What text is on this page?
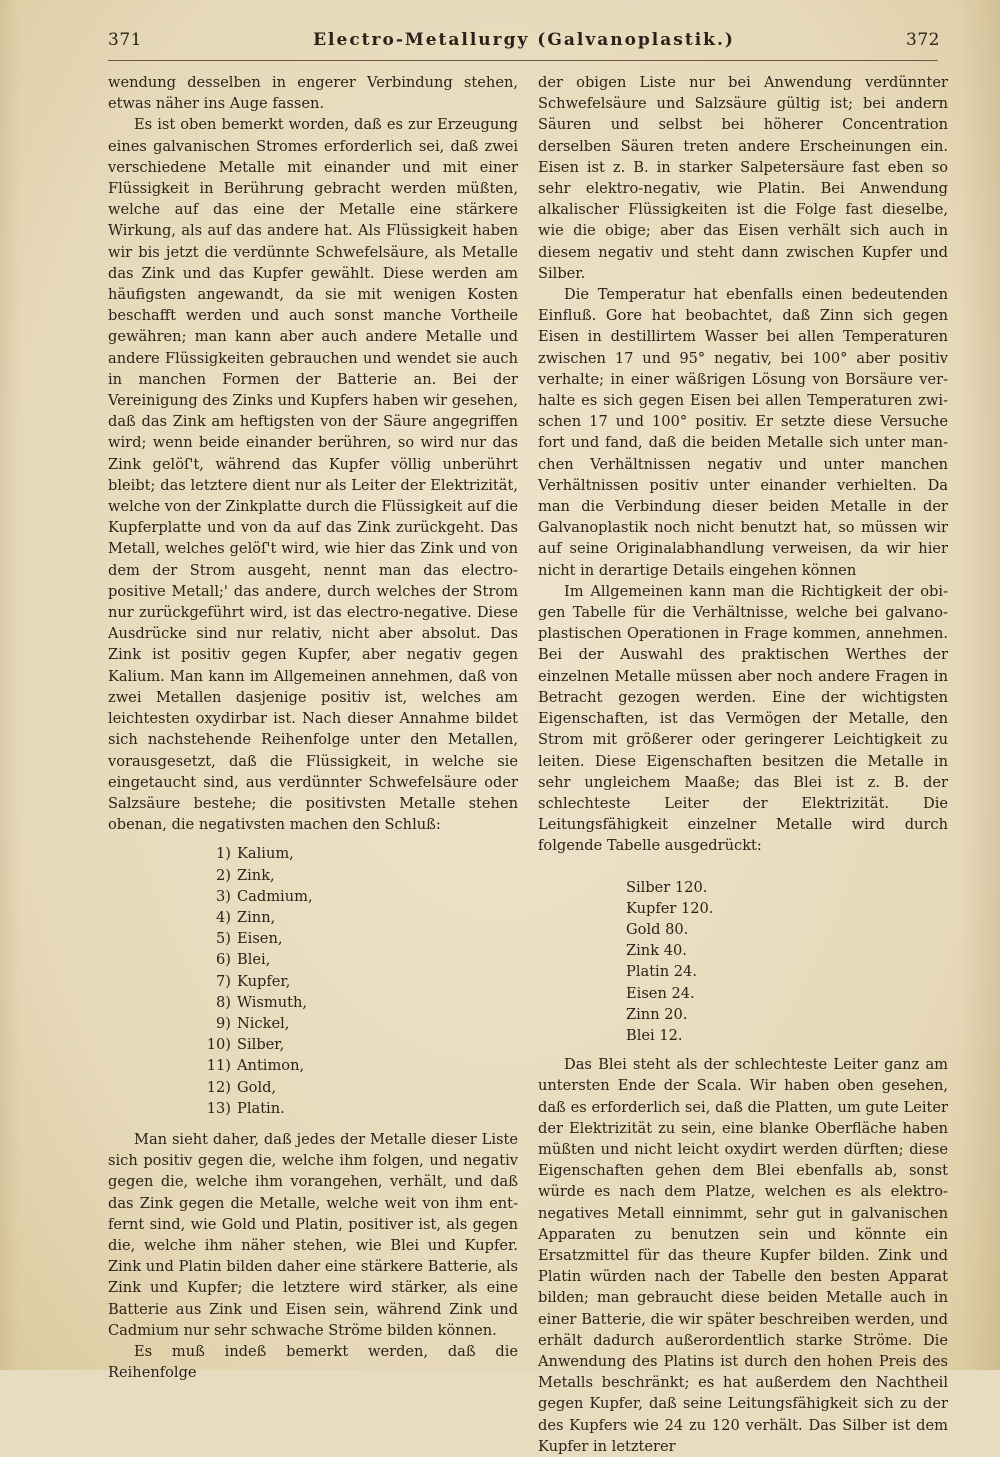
371	Electro-Metallurgy (Galvanoplastik.)	372

wendung desselben in engerer Verbindung stehen, etwas näher ins Auge fassen.

Es ist oben bemerkt worden, daß es zur Erzeugung eines galvanischen Stromes erforderlich sei, daß zwei verschiedene Metalle mit einander und mit einer Flüssigkeit in Berührung gebracht werden müßten, welche auf das eine der Metalle eine stärkere Wirkung, als auf das andere hat. Als Flüssigkeit haben wir bis jetzt die verdünnte Schwefelsäure, als Metalle das Zink und das Kupfer gewählt. Diese werden am häufigsten angewandt, da sie mit wenigen Kosten beschafft werden und auch sonst manche Vortheile gewähren; man kann aber auch andere Metalle und andere Flüssigkeiten gebrauchen und wendet sie auch in manchen Formen der Batterie an. Bei der Vereinigung des Zinks und Kupfers haben wir gesehen, daß das Zink am heftigsten von der Säure angegriffen wird; wenn beide einander berühren, so wird nur das Zink gelöſ't, während das Kupfer völlig unberührt bleibt; das letztere dient nur als Leiter der Elektrizität, welche von der Zinkplatte durch die Flüssigkeit auf die Kupferplatte und von da auf das Zink zurückgeht. Das Metall, welches gelöſ't wird, wie hier das Zink und von dem der Strom ausgeht, nennt man das electro-positive Metall;' das andere, durch welches der Strom nur zurückgeführt wird, ist das electro-negative. Diese Ausdrücke sind nur relativ, nicht aber absolut. Das Zink ist positiv gegen Kupfer, aber negativ gegen Kalium. Man kann im Allgemeinen annehmen, daß von zwei Metallen dasjenige positiv ist, welches am leichtesten oxydirbar ist. Nach dieser Annahme bildet sich nachstehende Reihenfolge unter den Metallen, vorausgesetzt, daß die Flüssigkeit, in welche sie eingetaucht sind, aus verdünnter Schwefelsäure oder Salzsäure bestehe; die positivsten Metalle stehen obenan, die negativsten machen den Schluß:

1) Kalium,
2) Zink,
3) Cadmium,
4) Zinn,
5) Eisen,
6) Blei,
7) Kupfer,
8) Wismuth,
9) Nickel,
10) Silber,
11) Antimon,
12) Gold,
13) Platin.

Man sieht daher, daß jedes der Metalle dieser Liste sich positiv gegen die, welche ihm folgen, und negativ gegen die, welche ihm vorangehen, verhält, und daß das Zink gegen die Metalle, welche weit von ihm entfernt sind, wie Gold und Platin, positiver ist, als gegen die, welche ihm näher stehen, wie Blei und Kupfer. Zink und Platin bilden daher eine stärkere Batterie, als Zink und Kupfer; die letztere wird stärker, als eine Batterie aus Zink und Eisen sein, während Zink und Cadmium nur sehr schwache Ströme bilden können.

Es muß indeß bemerkt werden, daß die Reihenfolge

der obigen Liste nur bei Anwendung verdünnter Schwefelsäure und Salzsäure gültig ist; bei andern Säuren und selbst bei höherer Concentration derselben Säuren treten andere Erscheinungen ein. Eisen ist z. B. in starker Salpetersäure fast eben so sehr elektro-negativ, wie Platin. Bei Anwendung alkalischer Flüssigkeiten ist die Folge fast dieselbe, wie die obige; aber das Eisen verhält sich auch in diesem negativ und steht dann zwischen Kupfer und Silber.

Die Temperatur hat ebenfalls einen bedeutenden Einfluß. Gore hat beobachtet, daß Zinn sich gegen Eisen in destillirtem Wasser bei allen Temperaturen zwischen 17 und 95° negativ, bei 100° aber positiv verhalte; in einer wäßrigen Lösung von Borsäure verhalte es sich gegen Eisen bei allen Temperaturen zwischen 17 und 100° positiv. Er setzte diese Versuche fort und fand, daß die beiden Metalle sich unter manchen Verhältnissen negativ und unter manchen Verhältnissen positiv unter einander verhielten. Da man die Verbindung dieser beiden Metalle in der Galvanoplastik noch nicht benutzt hat, so müssen wir auf seine Originalabhandlung verweisen, da wir hier nicht in derartige Details eingehen können

Im Allgemeinen kann man die Richtigkeit der obigen Tabelle für die Verhältnisse, welche bei galvanoplastischen Operationen in Frage kommen, annehmen. Bei der Auswahl des praktischen Werthes der einzelnen Metalle müssen aber noch andere Fragen in Betracht gezogen werden. Eine der wichtigsten Eigenschaften, ist das Vermögen der Metalle, den Strom mit größerer oder geringerer Leichtigkeit zu leiten. Diese Eigenschaften besitzen die Metalle in sehr ungleichem Maaße; das Blei ist z. B. der schlechteste Leiter der Elektrizität. Die Leitungsfähigkeit einzelner Metalle wird durch folgende Tabelle ausgedrückt:

Silber 120.
Kupfer 120.
Gold 80.
Zink 40.
Platin 24.
Eisen 24.
Zinn 20.
Blei 12.

Das Blei steht als der schlechteste Leiter ganz am untersten Ende der Scala. Wir haben oben gesehen, daß es erforderlich sei, daß die Platten, um gute Leiter der Elektrizität zu sein, eine blanke Oberfläche haben müßten und nicht leicht oxydirt werden dürften; diese Eigenschaften gehen dem Blei ebenfalls ab, sonst würde es nach dem Platze, welchen es als elektro-negatives Metall einnimmt, sehr gut in galvanischen Apparaten zu benutzen sein und könnte ein Ersatzmittel für das theure Kupfer bilden. Zink und Platin würden nach der Tabelle den besten Apparat bilden; man gebraucht diese beiden Metalle auch in einer Batterie, die wir später beschreiben werden, und erhält dadurch außerordentlich starke Ströme. Die Anwendung des Platins ist durch den hohen Preis des Metalls beschränkt; es hat außerdem den Nachtheil gegen Kupfer, daß seine Leitungsfähigkeit sich zu der des Kupfers wie 24 zu 120 verhält. Das Silber ist dem Kupfer in letzterer
